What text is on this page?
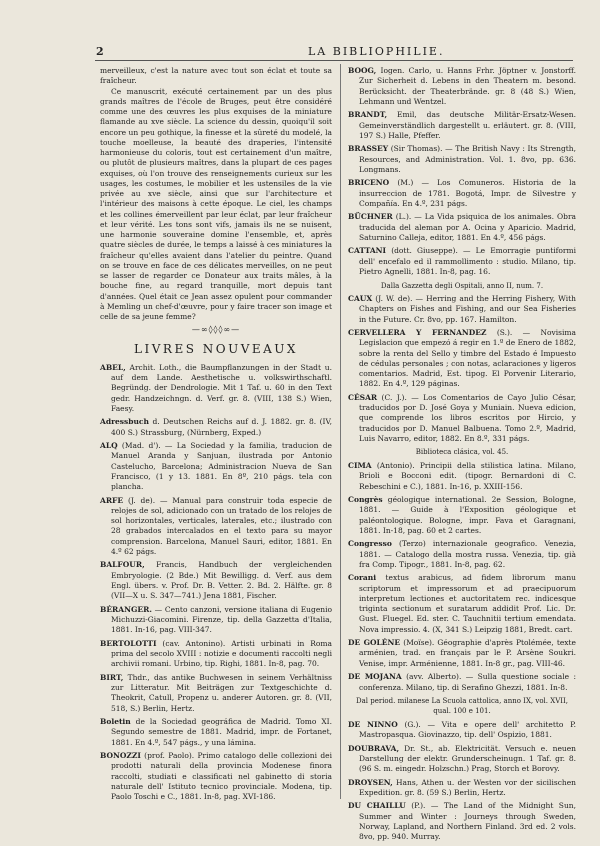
2	LA BIBLIOPHILIE.

merveilleux, c'est la nature avec tout son éclat et toute sa fraîcheur.

Ce manuscrit, exécuté certainement par un des plus grands maîtres de l'école de Bruges, peut être considéré comme une des œuvres les plus exquises de la miniature flamande au xve siècle. La science du dessin, quoiqu'il soit encore un peu gothique, la finesse et la sûreté du modelé, la touche moelleuse, la beauté des draperies, l'intensité harmonieuse du coloris, tout est certainement d'un maître, ou plutôt de plusieurs maîtres, dans la plupart de ces pages exquises, où l'on trouve des renseignements curieux sur les usages, les costumes, le mobilier et les ustensiles de la vie privée au xve siècle, ainsi que sur l'architecture et l'intérieur des maisons à cette époque. Le ciel, les champs et les collines émerveillent par leur éclat, par leur fraîcheur et leur vérité. Les tons sont vifs, jamais ils ne se nuisent, une harmonie souveraine domine l'ensemble, et, après quatre siècles de durée, le temps a laissé à ces miniatures la fraîcheur qu'elles avaient dans l'atelier du peintre. Quand on se trouve en face de ces délicates merveilles, on ne peut se lasser de regarder ce Donateur aux traits mâles, à la bouche fine, au regard tranquille, mort depuis tant d'années. Quel était ce Jean assez opulent pour commander à Memling un chef-d'œuvre, pour y faire tracer son image et celle de sa jeune femme?

—∞◊◊◊∞—
LIVRES NOUVEAUX
ABEL, Archit. Loth., die Baumpflanzungen in der Stadt u. auf dem Lande. Aesthetische u. volkswirthschaftl. Begründg. der Dendrologie. Mit 1 Taf. u. 60 in den Text gedr. Handzeichngn. d. Verf. gr. 8. (VIII, 138 S.) Wien, Faesy.
Adressbuch d. Deutschen Reichs auf d. J. 1882. gr. 8. (IV, 400 S.) Strassburg, (Nürnberg, Exped.)
ALQ (Mad. d'). — La Sociedad y la familia, traducion de Manuel Aranda y Sanjuan, ilustrada por Antonio Castelucho, Barcelona; Administracion Nueva de San Francisco, (1 y 13. 1881. En 8º, 210 págs. tela con plancha.
ARFE (J. de). — Manual para construir toda especie de relojes de sol, adicionado con un tratado de los relojes de sol horizontales, verticales, laterales, etc.; ilustrado con 28 grabados intercalados en el texto para su mayor comprension. Barcelona, Manuel Sauri, editor, 1881. En 4.º 62 págs.
BALFOUR, Francis, Handbuch der vergleichenden Embryologie. (2 Bde.) Mit Bewilligg. d. Verf. aus dem Engl. übers. v. Prof. Dr. B. Vetter. 2. Bd. 2. Hälfte. gr. 8 (VII—X u. S. 347—741.) Jena 1881, Fischer.
BÉRANGER. — Cento canzoni, versione italiana di Eugenio Michuzzi-Giacomini. Firenze, tip. della Gazzetta d'Italia, 1881. In-16, pag. VIII-347.
BERTOLOTTI (cav. Antonino). Artisti urbinati in Roma prima del secolo XVIII : notizie e documenti raccolti negli archivii romani. Urbino, tip. Righi, 1881. In-8, pag. 70.
BIRT, Thdr., das antike Buchwesen in seinem Verhältniss zur Litteratur. Mit Beiträgen zur Textgeschichte d. Theokrit, Catull, Propenz u. anderer Autoren. gr. 8. (VII, 518, S.) Berlin, Hertz.
Boletin de la Sociedad geográfica de Madrid. Tomo XI. Segundo semestre de 1881. Madrid, impr. de Fortanet, 1881. En 4.º, 547 págs., y una lámina.
BONOZZI (prof. Paolo). Primo catalogo delle collezioni dei prodotti naturali della provincia Modenese finora raccolti, studiati e classificati nel gabinetto di storia naturale dell' Istituto tecnico provinciale. Modena, tip. Paolo Toschi e C., 1881. In-8, pag. XVI-186.
BOOG, Iogen. Carlo, u. Hanns Frhr. Jöptner v. Jonstorff. Zur Sicherheit d. Lebens in den Theatern m. besond. Berücksicht. der Theaterbrände. gr. 8 (48 S.) Wien, Lehmann und Wentzel.
BRANDT, Emil, das deutsche Militär-Ersatz-Wesen. Gemeinverständlich dargestellt u. erläutert. gr. 8. (VIII, 197 S.) Halle, Pfeffer.
BRASSEY (Sir Thomas). — The British Navy : Its Strength, Resources, and Administration. Vol. 1. 8vo, pp. 636. Longmans.
BRICENO (M.) — Los Comuneros. Historia de la insurreccion de 1781. Bogotá, Impr. de Silvestre y Compañía. En 4.º, 231 págs.
BÜCHNER (L.). — La Vida psiquica de los animales. Obra traducida del aleman por A. Ocina y Aparicio. Madrid, Saturnino Calleja, editor, 1881. En 4.º, 456 págs.
CATTANI (dott. Giuseppe). — Le Emorragie puntiformi dell' encefalo ed il rammollimento : studio. Milano, tip. Pietro Agnelli, 1881. In-8, pag. 16.
Dalla Gazzetta degli Ospitali, anno II, num. 7.
CAUX (J. W. de). — Herring and the Herring Fishery, With Chapters on Fishes and Fishing, and our Sea Fisheries in the Future. Cr. 8vo, pp. 167. Hamilton.
CERVELLERA Y FERNANDEZ (S.). — Novisima Legislacion que empezó á regir en 1.º de Enero de 1882, sobre la renta del Sello y timbre del Estado é Impuesto de cédulas personales ; con notas, aclaraciones y ligeros comentarios. Madrid, Est. tipog. El Porvenir Literario, 1882. En 4.º, 129 páginas.
CÉSAR (C. J.). — Los Comentarios de Cayo Julio César, traducidos por D. José Goya y Muniain. Nueva edicion, que comprende los libros escritos por Hircio, y traducidos por D. Manuel Balbuena. Tomo 2.º, Madrid, Luis Navarro, editor, 1882. En 8.º, 331 págs.
Biblioteca clásica, vol. 45.
CIMA (Antonio). Principii della stilistica latina. Milano, Brioli e Bocconi edit. (tipogr. Bernardoni di C. Rebeschini e C.), 1881. In-16, p. XXIII-156.
Congrès géologique international. 2e Session, Bologne, 1881. — Guide à l'Exposition géologique et paléontologique. Bologne, impr. Fava et Garagnani, 1881. In-18, pag. 60 et 2 cartes.
Congresso (Terzo) internazionale geografico. Venezia, 1881. — Catalogo della mostra russa. Venezia, tip. già fra Comp. Tipogr., 1881. In-8, pag. 62.
Corani textus arabicus, ad fidem librorum manu scriptorum et impressorum et ad praecipuorum interpretum lectiones et auctoritatem rec. indicesque triginta sectionum et suratarum addidit Prof. Lic. Dr. Gust. Fluegel. Ed. ster. C. Tauchnitii tertium emendata. Nova impressio. 4. (X, 341 S.) Leipzig 1881, Bredt. cart.
DE GOLÉNE (Moïse). Géographie d'après Ptolémée, texte arménien, trad. en français par le P. Arsène Soukri. Venise, impr. Arménienne, 1881. In-8 gr., pag. VIII-46.
DE MOJANA (avv. Alberto). — Sulla questione sociale : conferenza. Milano, tip. di Serafino Ghezzi, 1881. In-8.
Dal period. milanese La Scuola cattolica, anno IX, vol. XVII, qual. 100 e 101.
DE NINNO (G.). — Vita e opere dell' architetto P. Mastropasqua. Giovinazzo, tip. dell' Ospizio, 1881.
DOUBRAVA, Dr. St., ab. Elektricität. Versuch e. neuen Darstellung der elektr. Grunderscheinugn. 1 Taf. gr. 8. (96 S. m. eingedr. Holzschn.) Prag, Storch et Borovy.
DROYSEN, Hans, Athen u. der Westen vor der sicilischen Expedition. gr. 8. (59 S.) Berlin, Hertz.
DU CHAILLU (P.). — The Land of the Midnight Sun, Summer and Winter : Journeys through Sweden, Norway, Lapland, and Northern Finland. 3rd ed. 2 vols. 8vo, pp. 940. Murray.
